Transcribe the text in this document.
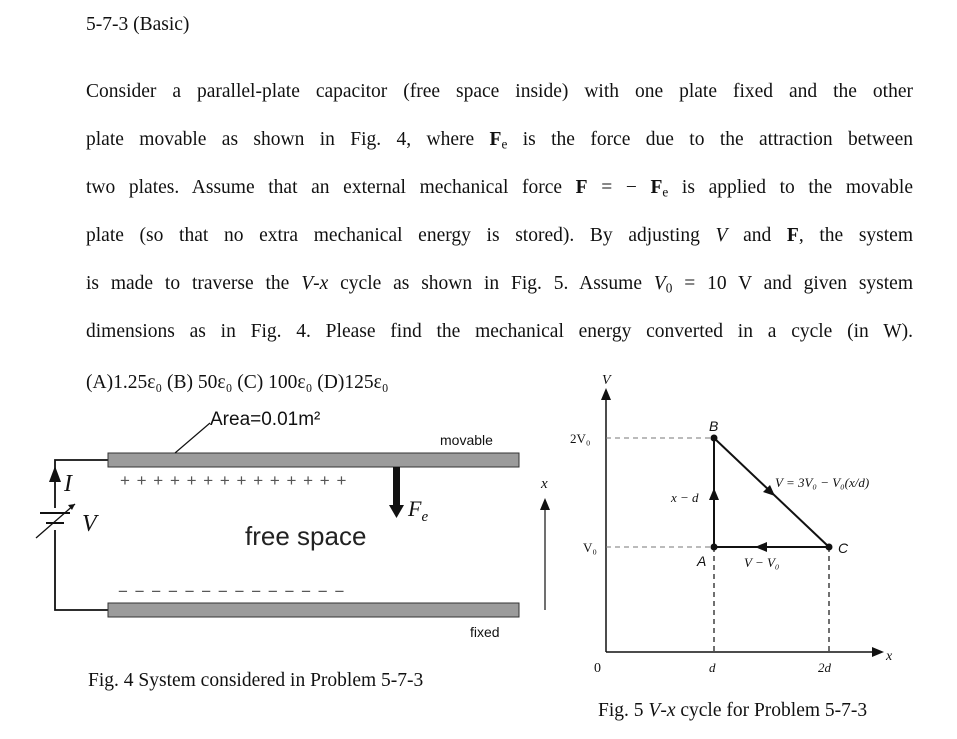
5-7-3 (Basic)
Consider a parallel-plate capacitor (free space inside) with one plate fixed and the other
plate movable as shown in Fig. 4, where $F_e$ is the force due to the attraction between
two plates. Assume that an external mechanical force F = − $F_e$ is applied to the movable
plate (so that no extra mechanical energy is stored). By adjusting V and F, the system
is made to traverse the V-x cycle as shown in Fig. 5. Assume $V_0 = 10$ V and given system
dimensions as in Fig. 4. Please find the mechanical energy converted in a cycle (in W).
(A)1.25ε₀ (B) 50ε₀ (C) 100ε₀ (D)125ε₀
I
V
Area=0.01m²
movable
fixed
+ + + + + + + + + + + + + +
− − − − − − − − − − − − − −
$F_e$
free space
x
V
x
0
B
C
A
2V₀
V₀
d	2d
x − d
V = 3V₀ − V₀(x/d)
V − V₀
Fig. 4 System considered in Problem 5-7-3
Fig. 5 V-x cycle for Problem 5-7-3
